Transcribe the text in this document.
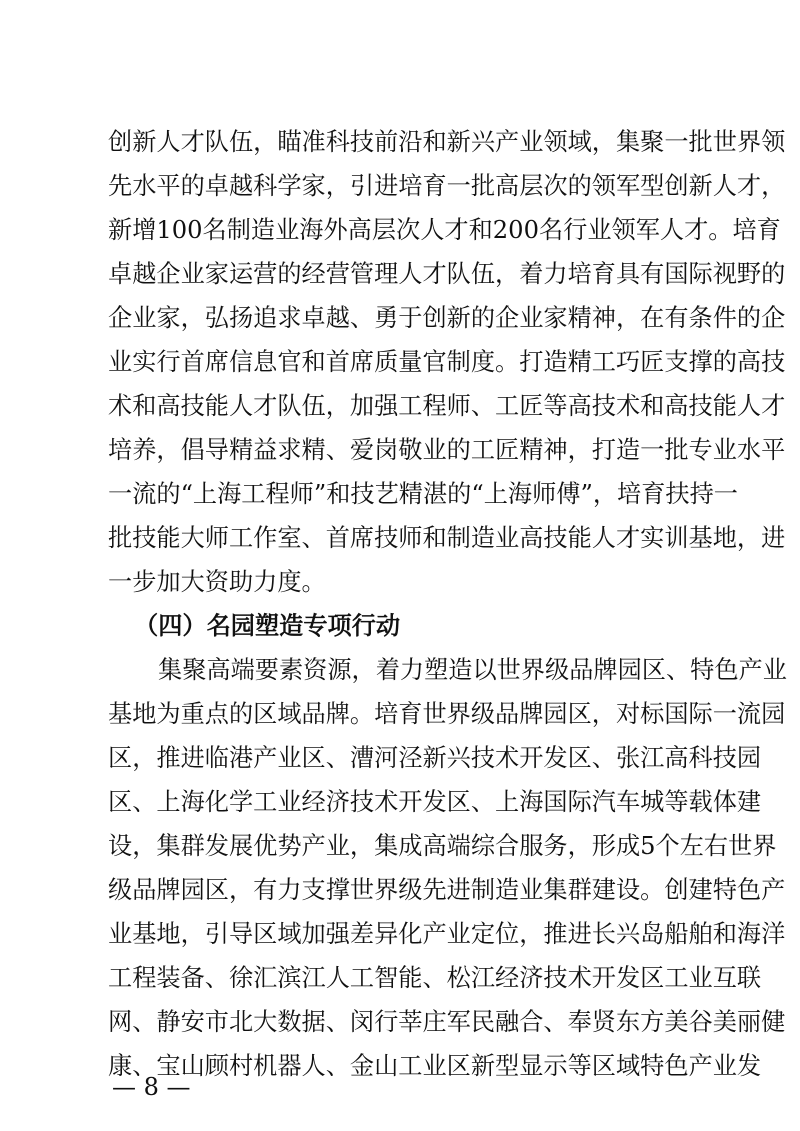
创新人才队伍，瞄准科技前沿和新兴产业领域，集聚一批世界领
先水平的卓越科学家，引进培育一批高层次的领军型创新人才，
新增100名制造业海外高层次人才和200名行业领军人才。培育
卓越企业家运营的经营管理人才队伍，着力培育具有国际视野的
企业家，弘扬追求卓越、勇于创新的企业家精神，在有条件的企
业实行首席信息官和首席质量官制度。打造精工巧匠支撑的高技
术和高技能人才队伍，加强工程师、工匠等高技术和高技能人才
培养，倡导精益求精、爱岗敬业的工匠精神，打造一批专业水平
一流的“上海工程师”和技艺精湛的“上海师傅”，培育扶持一
批技能大师工作室、首席技师和制造业高技能人才实训基地，进
一步加大资助力度。
（四）名园塑造专项行动
集聚高端要素资源，着力塑造以世界级品牌园区、特色产业
基地为重点的区域品牌。培育世界级品牌园区，对标国际一流园
区，推进临港产业区、漕河泾新兴技术开发区、张江高科技园
区、上海化学工业经济技术开发区、上海国际汽车城等载体建
设，集群发展优势产业，集成高端综合服务，形成5个左右世界
级品牌园区，有力支撑世界级先进制造业集群建设。创建特色产
业基地，引导区域加强差异化产业定位，推进长兴岛船舶和海洋
工程装备、徐汇滨江人工智能、松江经济技术开发区工业互联
网、静安市北大数据、闵行莘庄军民融合、奉贤东方美谷美丽健
康、宝山顾村机器人、金山工业区新型显示等区域特色产业发
— 8 —
